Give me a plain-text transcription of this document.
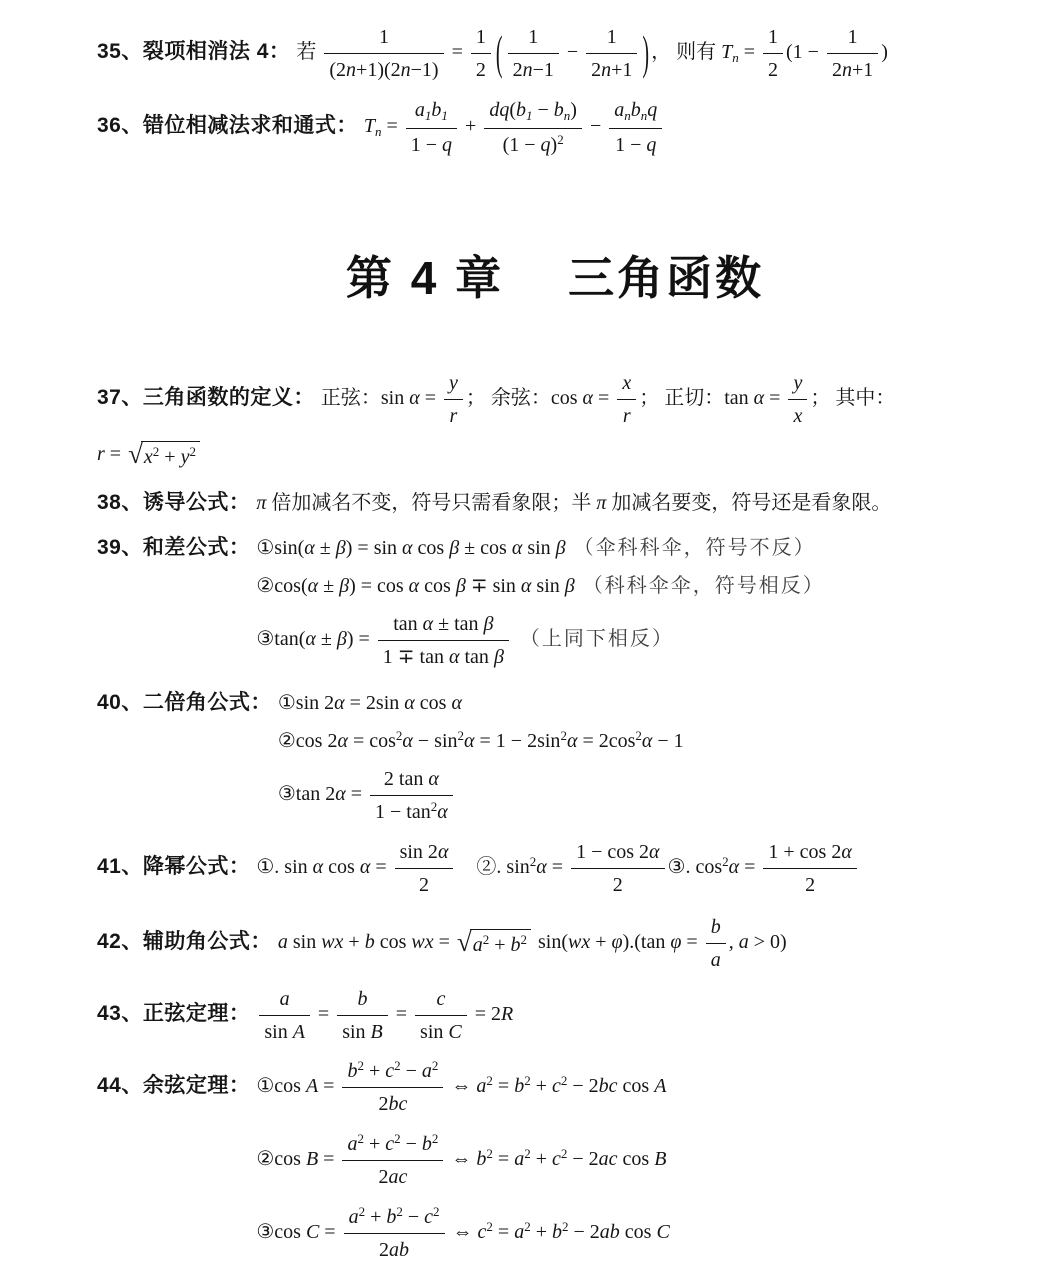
35、裂项相消法 4： 若 $\frac{1}{(2n+1)(2n-1)} = \frac{1}{2}$ ( $\frac{1}{2n-1} - \frac{1}{2n+1}$ ) ， 则有 $T_n = \frac{1}{2} (1 - \frac{1}{2n+1}$ )
36、错位相减法求和通式： $T_n = \frac{a_1b_1}{1 - q} + \frac{dq(b_1 - b_n)}{(1 - q)^2} - \frac{a_nb_nq}{1 - q}$
第 4 章 三角函数
37、三角函数的定义： 正弦：$\sin \alpha = \frac{y}{r}$ ； 余弦：$\cos \alpha = \frac{x}{r}$ ； 正切：$\tan \alpha = \frac{y}{x}$ ； 其中：
r = √ $x^2 + y^2$
38、诱导公式： π 倍加减名不变，符号只需看象限；半 π 加减名要变，符号还是看象限。
39、和差公式： ①sin(α ± β) = sin α cos β ± cos α sin β （伞科科伞，符号不反）
②cos(α ± β) = cos α cos β ∓ sin α sin β （科科伞伞，符号相反）
③tan(α ± $\beta) = \frac{\text{tan α ± tan β}}{\text{1 ∓ tan α tan β}}$ （上同下相反）
40、二倍角公式： ①sin 2α = 2sin α cos α
②cos $2\alpha = \cos^2\alpha - \sin^2\alpha = 1 - 2\sin^2\alpha = 2\cos^2\alpha - 1$
③tan $2\alpha = \frac{\text{2 tan α}}{1 - \tan^2\alpha}$
41、降幂公式： ①. sin α $\cos \alpha = \frac{\sin 2\alpha}{2}$ 　②. $\sin^2\alpha = \frac{1 - \cos 2\alpha}{2}$ ③. $\cos^2\alpha = \frac{1 + \cos 2\alpha}{2}$
42、辅助角公式： a sin wx + b cos wx = √ $a^2 + b^2$ sin(wx + φ).(tan $\varphi = \frac{b}{a}$ , a > 0)
43、正弦定理： $\frac{a}{\text{sin A}} = \frac{b}{\text{sin B}} = \frac{c}{\text{sin C}} = 2R$
44、余弦定理： ①cos $A = \frac{b^2 + c^2 - a^2}{2bc}$ ⇔ $a^2 = b^2 + c^2 - 2bc$ cos A
②cos $B = \frac{a^2 + c^2 - b^2}{2ac}$ ⇔ $b^2 = a^2 + c^2 - 2ac$ cos B
③cos $C = \frac{a^2 + b^2 - c^2}{2ab}$ ⇔ $c^2 = a^2 + b^2 - 2ab$ cos C
